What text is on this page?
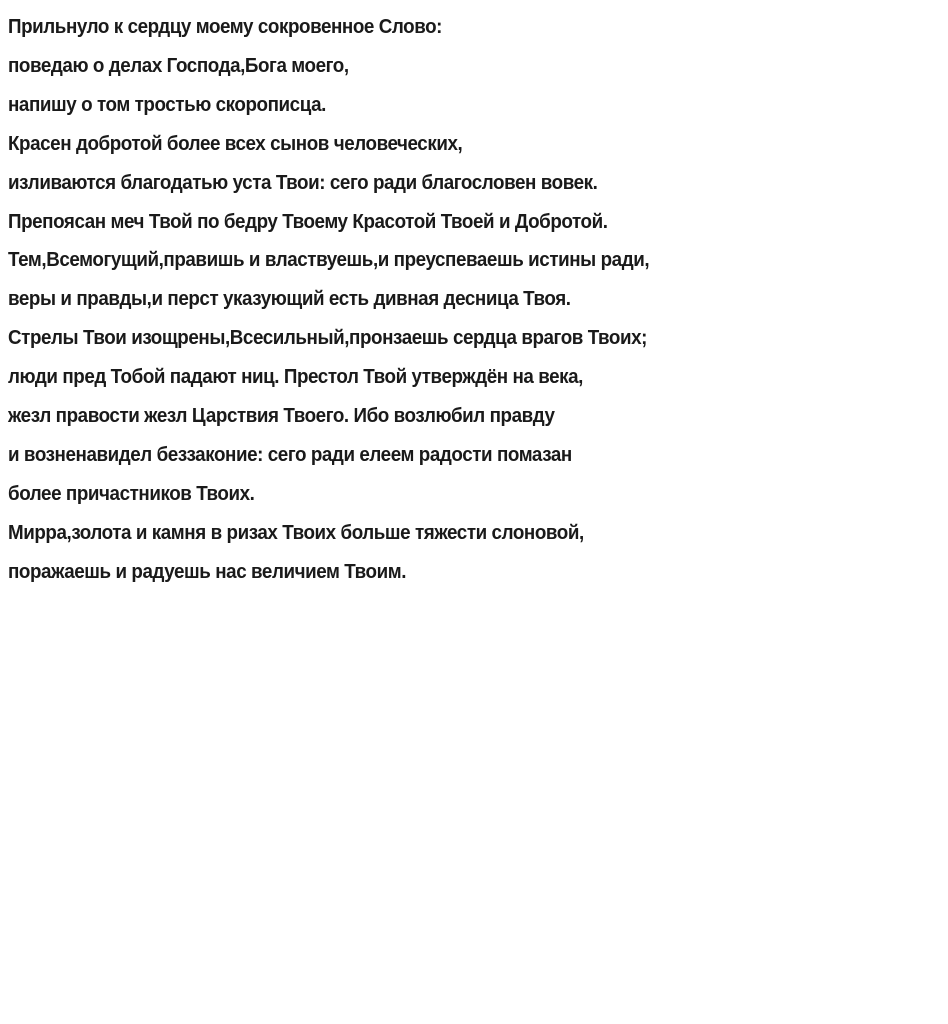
Прильнуло к сердцу моему сокровенное Слово:
поведаю о делах Господа,Бога моего,
напишу о том тростью скорописца.
Красен добротой более всех сынов человеческих,
изливаются благодатью уста Твои: сего ради благословен вовек.
Препоясан меч Твой по бедру Твоему Красотой Твоей и Добротой.
Тем,Всемогущий,правишь и властвуешь,и преуспеваешь истины ради,
веры и правды,и перст указующий есть дивная десница Твоя.
Стрелы Твои изощрены,Всесильный,пронзаешь сердца врагов Твоих;
люди пред Тобой падают ниц. Престол Твой утверждён на века,
жезл правости жезл Царствия Твоего. Ибо возлюбил правду
и возненавидел беззаконие: сего ради елеем радости помазан
более причастников Твоих.
Мирра,золота и камня в ризах Твоих больше тяжести слоновой,
поражаешь и радуешь нас величием Твоим.
